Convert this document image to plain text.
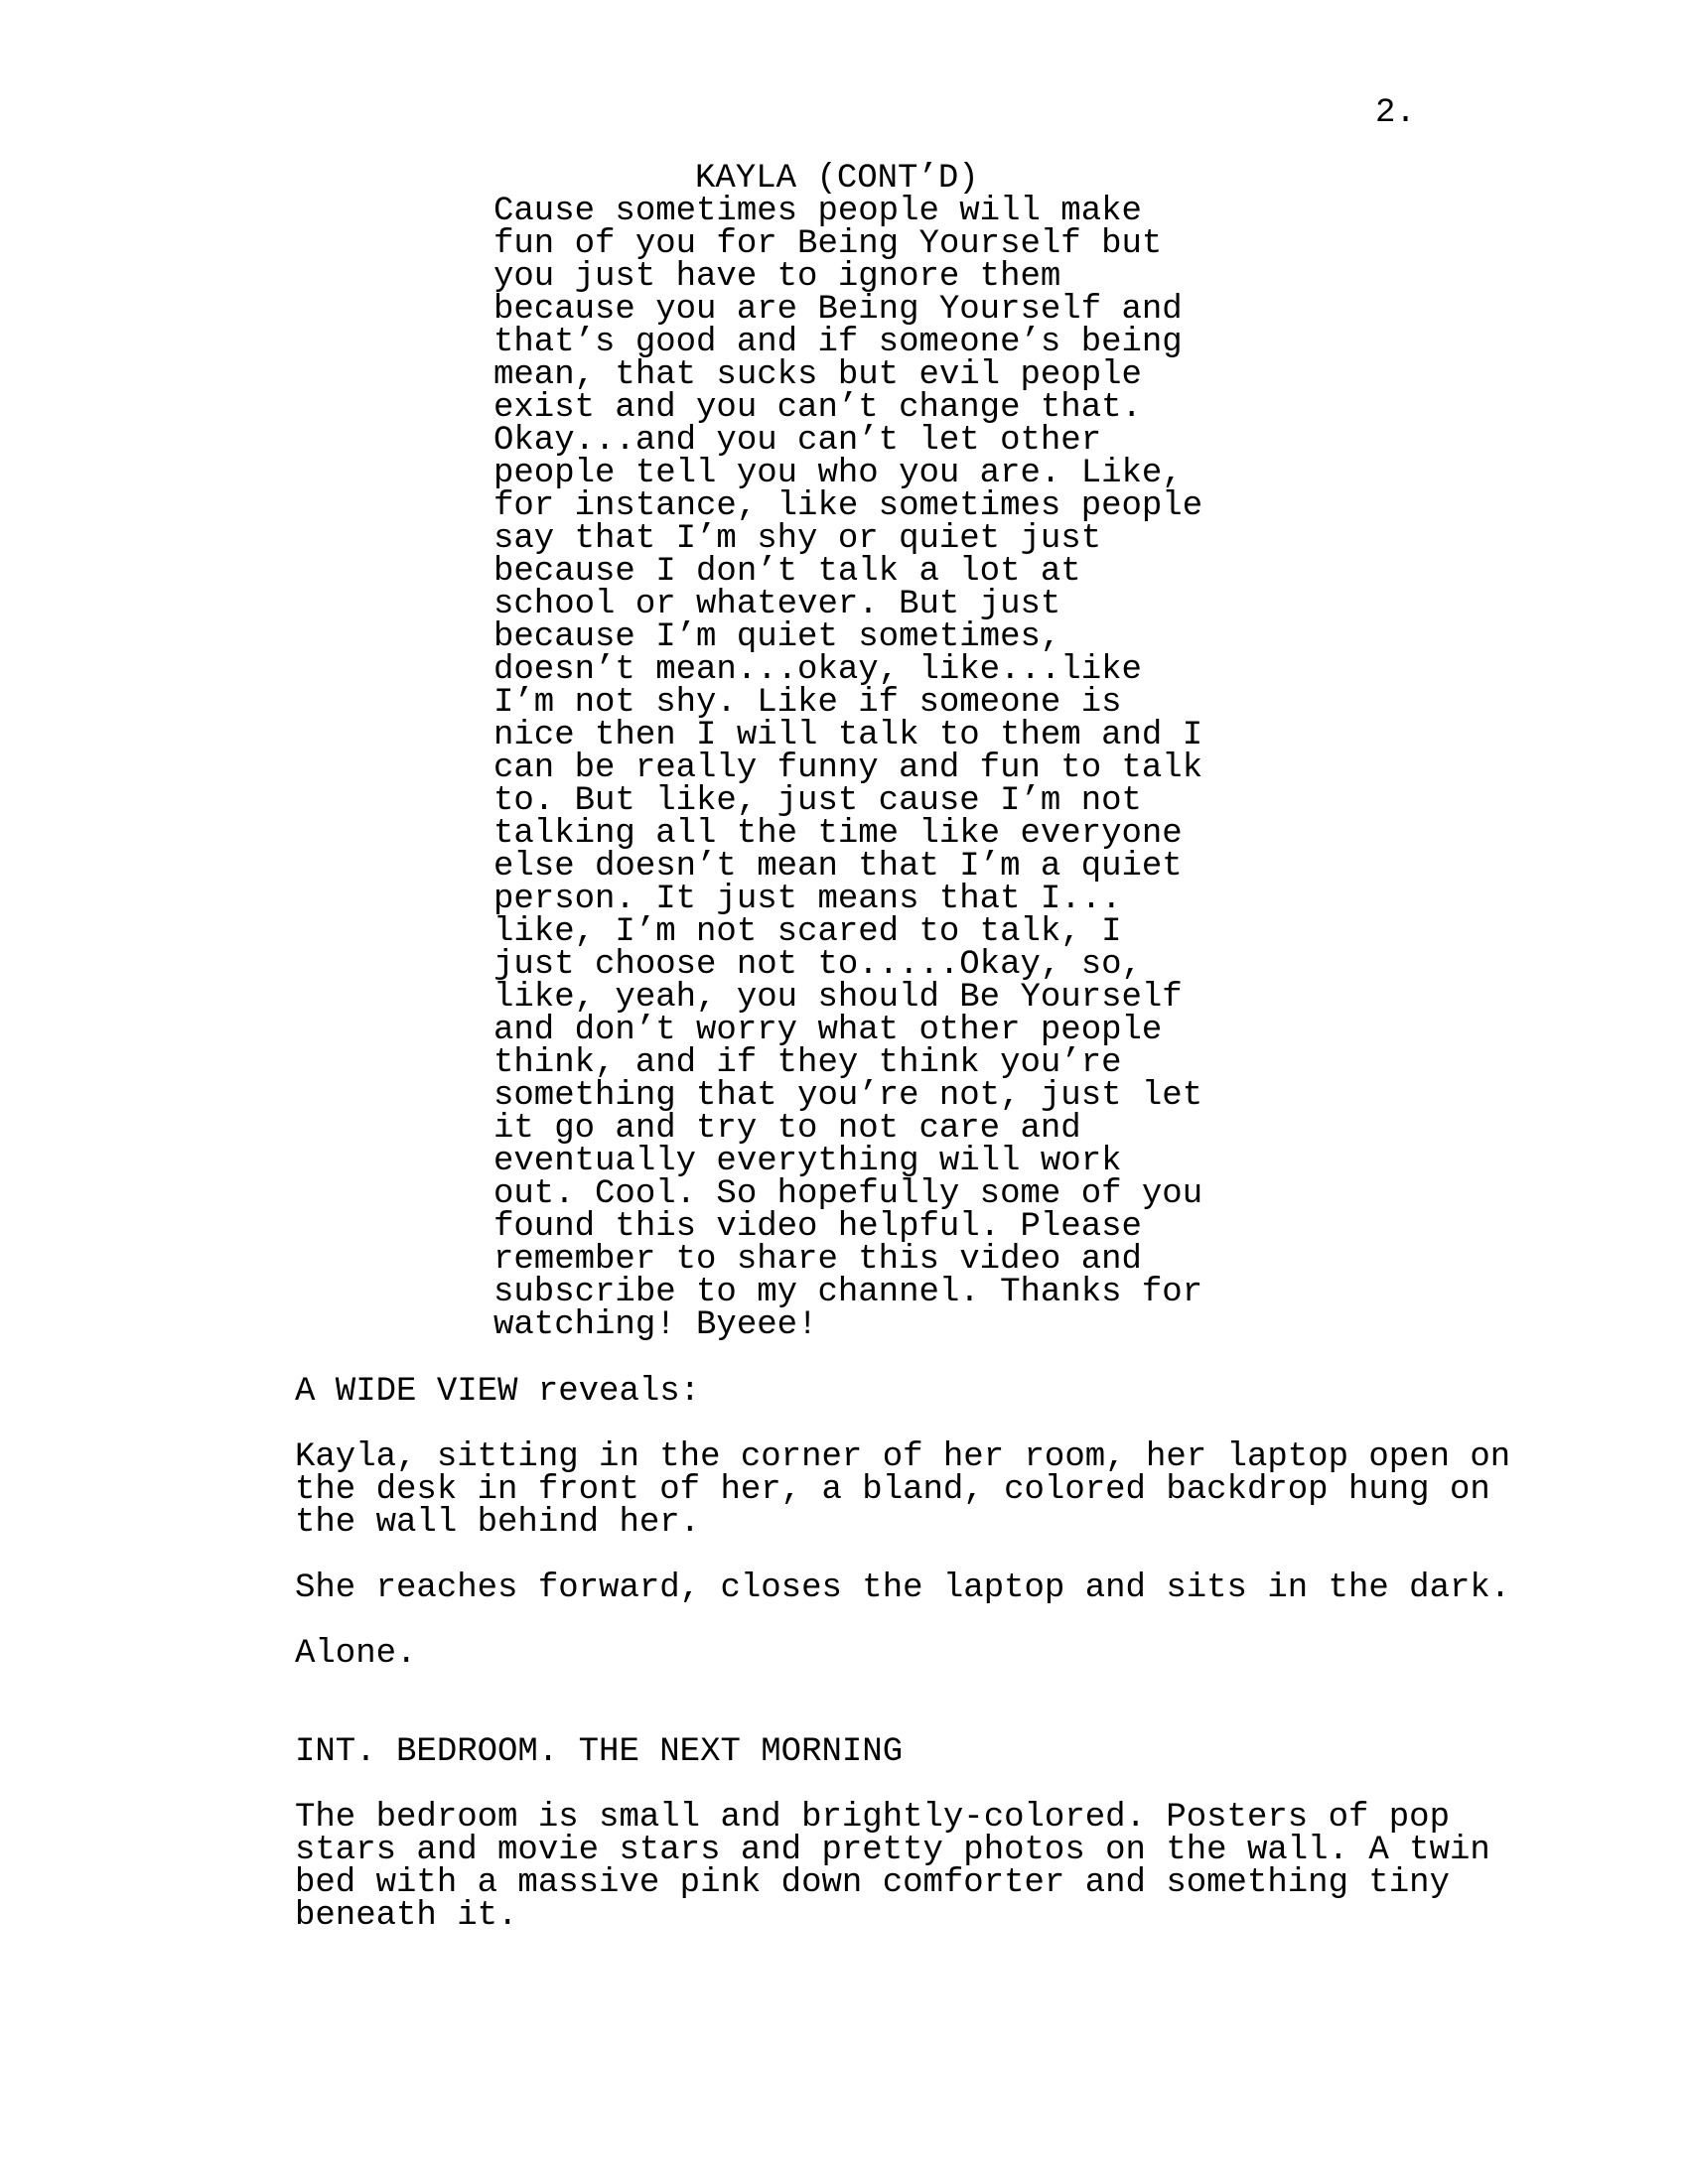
2.
KAYLA (CONT’D)
Cause sometimes people will make
fun of you for Being Yourself but
you just have to ignore them
because you are Being Yourself and
that’s good and if someone’s being
mean, that sucks but evil people
exist and you can’t change that.
Okay...and you can’t let other
people tell you who you are. Like,
for instance, like sometimes people
say that I’m shy or quiet just
because I don’t talk a lot at
school or whatever. But just
because I’m quiet sometimes,
doesn’t mean...okay, like...like
I’m not shy. Like if someone is
nice then I will talk to them and I
can be really funny and fun to talk
to. But like, just cause I’m not
talking all the time like everyone
else doesn’t mean that I’m a quiet
person. It just means that I...
like, I’m not scared to talk, I
just choose not to.....Okay, so,
like, yeah, you should Be Yourself
and don’t worry what other people
think, and if they think you’re
something that you’re not, just let
it go and try to not care and
eventually everything will work
out. Cool. So hopefully some of you
found this video helpful. Please
remember to share this video and
subscribe to my channel. Thanks for
watching! Byeee!
A WIDE VIEW reveals:
Kayla, sitting in the corner of her room, her laptop open on
the desk in front of her, a bland, colored backdrop hung on
the wall behind her.
She reaches forward, closes the laptop and sits in the dark.
Alone.
INT. BEDROOM. THE NEXT MORNING
The bedroom is small and brightly-colored. Posters of pop
stars and movie stars and pretty photos on the wall. A twin
bed with a massive pink down comforter and something tiny
beneath it.
